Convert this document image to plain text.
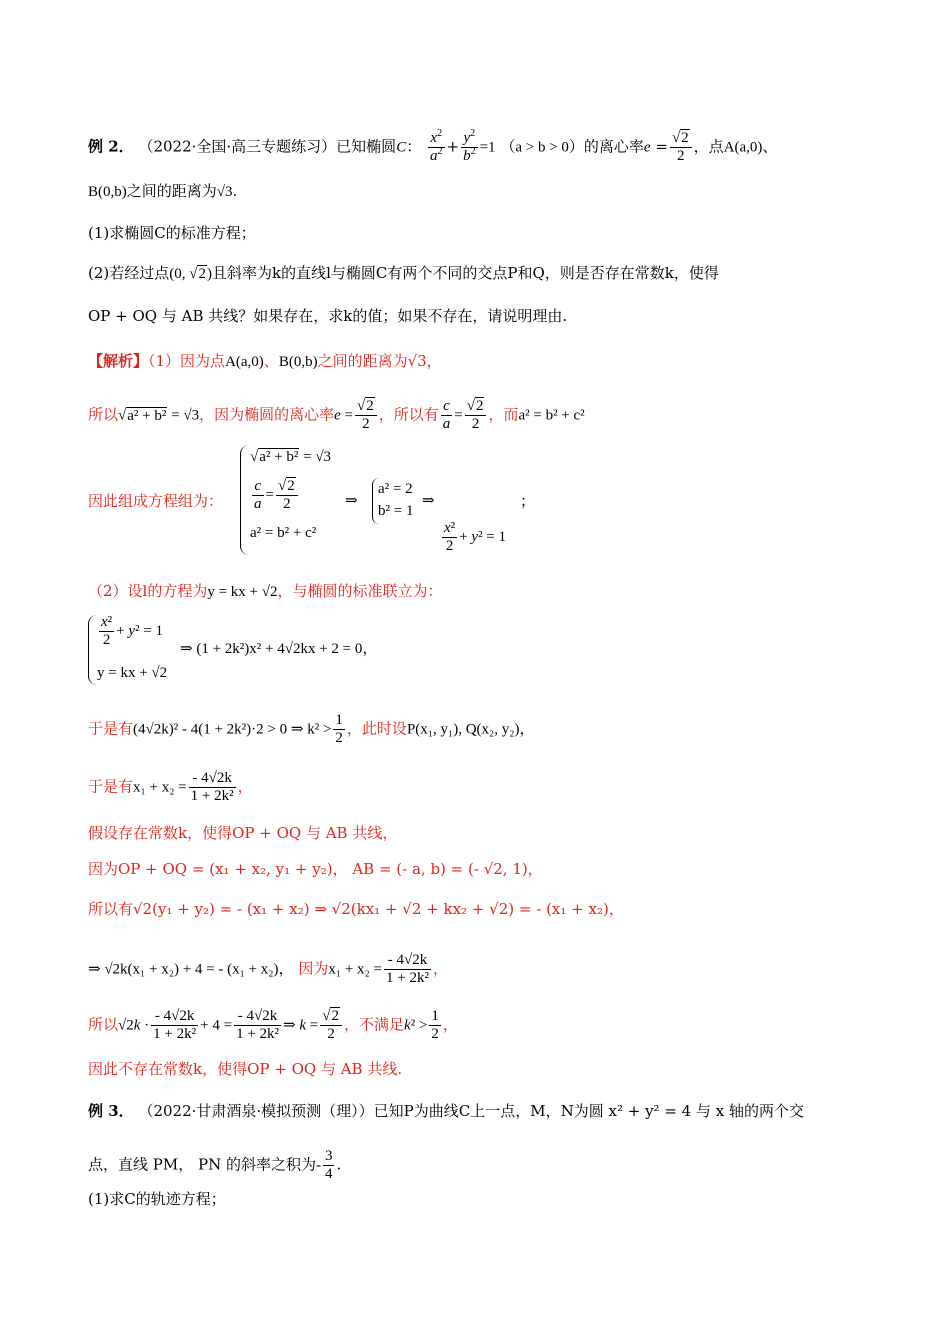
例 2． （2022·全国·高三专题练习）已知椭圆C： $\frac{x^2}{a^2} + \frac{y^2}{b^2} =1$ （a > b > 0）的离心率$e = \frac{√2}{2}$ ，点A(a,0)、
B(0,b)之间的距离为√3.
(1)求椭圆C的标准方程；
(2)若经过点(0, √2)且斜率为k的直线l与椭圆C有两个不同的交点P和Q，则是否存在常数k，使得
OP + OQ 与 AB 共线？如果存在，求k的值；如果不存在，请说明理由.
【解析】（1）因为点A(a,0)、B(0,b)之间的距离为√3，
所以√a² + b² = √3，因为椭圆的离心率$e = \frac{√2}{2}$ ，所以有 $\frac{c}{a} = \frac{√2}{2}$ ，而a² = b² + c²
因此组成方程组为：
√a² + b² = √3
$\frac{c}{a} = \frac{√2}{2}$
a² = b² + c²
⇒
a² = 2
b² = 1
⇒
$\frac{\text{x²}}{2} + y^2 = 1$
；
（2）设l的方程为y = kx + √2，与椭圆的标准联立为：
$\frac{\text{x²}}{2} + y^2 = 1$
y = kx + √2
⇒ (1 + 2k²)x² + 4√2kx + 2 = 0，
于是有(4√2k)² - 4(1 + 2k²)·2 > 0 ⇒ $k^2 > \frac{1}{2}$ ，此时设P(x₁, y₁), Q(x₂, y₂)，
于是有$x_1 + x_2 = \frac{- 4√2k}{\text{1 + 2k²}}$ ，
假设存在常数k，使得OP + OQ 与 AB 共线，
因为OP + OQ = (x₁ + x₂, y₁ + y₂)， AB = (- a, b) = (- √2, 1)，
所以有√2(y₁ + y₂) = - (x₁ + x₂) ⇒ √2(kx₁ + √2 + kx₂ + √2) = - (x₁ + x₂)，
⇒ √2k(x₁ + x₂) + 4 = - (x₁ + x₂)， 因为$x_1 + x_2 = \frac{- 4√2k}{\text{1 + 2k²}}$ ，
所以$√2k \cdot \frac{- 4√2k}{\text{1 + 2k²}} + 4 = \frac{- 4√2k}{\text{1 + 2k²}}$ ⇒ $k = \frac{√2}{2}$ ，不满足$k^2 > \frac{1}{2}$ ，
因此不存在常数k，使得OP + OQ 与 AB 共线.
例 3． （2022·甘肃酒泉·模拟预测（理））已知P为曲线C上一点，M，N为圆 x² + y² = 4 与 x 轴的两个交
点，直线 PM， PN 的斜率之积为- $\frac{3}{4}$ .
(1)求C的轨迹方程；
